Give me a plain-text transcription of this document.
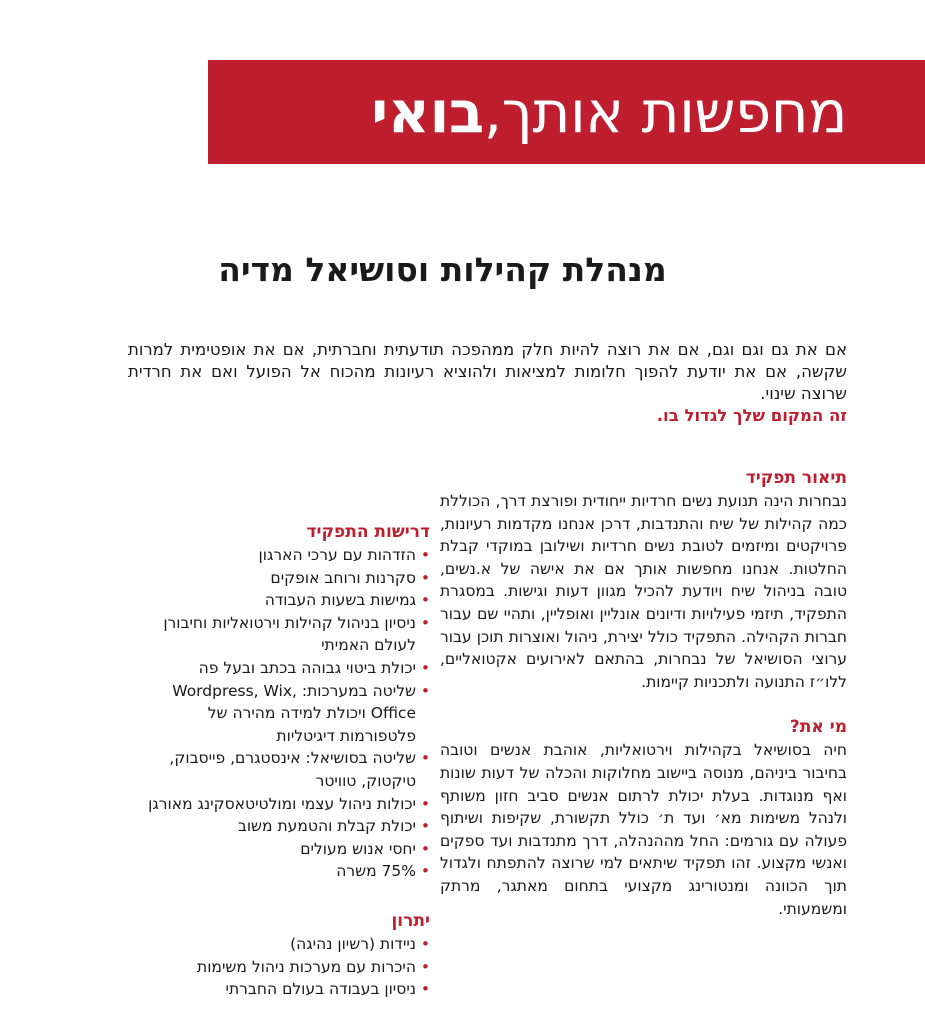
מחפשות אותך,
בואי
מנהלת קהילות וסושיאל מדיה

אם את גם וגם וגם, אם את רוצה להיות חלק ממהפכה תודעתית וחברתית, אם את אופטימית למרות שקשה, אם את יודעת להפוך חלומות למציאות ולהוציא רעיונות מהכוח אל הפועל ואם את חרדית שרוצה שינוי.

זה המקום שלך לגדול בו.

תיאור תפקיד

נבחרות הינה תנועת נשים חרדיות ייחודית ופורצת דרך, הכוללת כמה קהילות של שיח והתנדבות, דרכן אנחנו מקדמות רעיונות, פרויקטים ומיזמים לטובת נשים חרדיות ושילובן במוקדי קבלת החלטות. אנחנו מחפשות אותך אם את אישה של א.נשים, טובה בניהול שיח ויודעת להכיל מגוון דעות וגישות. במסגרת התפקיד, תיזמי פעילויות ודיונים אונליין ואופליין, ותהיי שם עבור חברות הקהילה. התפקיד כולל יצירת, ניהול ואוצרות תוכן עבור ערוצי הסושיאל של נבחרות, בהתאם לאירועים אקטואליים, ללו״ז התנועה ולתכניות קיימות.

מי את?

חיה בסושיאל בקהילות וירטואליות, אוהבת אנשים וטובה בחיבור ביניהם, מנוסה ביישוב מחלוקות והכלה של דעות שונות ואף מנוגדות. בעלת יכולת לרתום אנשים סביב חזון משותף ולנהל משימות מא׳ ועד ת׳ כולל תקשורת, שקיפות ושיתוף פעולה עם גורמים: החל מההנהלה, דרך מתנדבות ועד ספקים ואנשי מקצוע. זהו תפקיד שיתאים למי שרוצה להתפתח ולגדול תוך הכוונה ומנטורינג מקצועי בתחום מאתגר, מרתק ומשמעותי.

דרישות התפקיד
• הזדהות עם ערכי הארגון
• סקרנות ורוחב אופקים
• גמישות בשעות העבודה
• ניסיון בניהול קהילות וירטואליות וחיבורן לעולם האמיתי
• יכולת ביטוי גבוהה בכתב ובעל פה
• שליטה במערכות: ,Wordpress, Wix Office ויכולת למידה מהירה של פלטפורמות דיגיטליות
• שליטה בסושיאל: אינסטגרם, פייסבוק, טיקטוק, טוויטר
• יכולות ניהול עצמי ומולטיטאסקינג מאורגן
• יכולת קבלת והטמעת משוב
• יחסי אנוש מעולים
• 75% משרה
יתרון
• ניידות (רשיון נהיגה)
• היכרות עם מערכות ניהול משימות
• ניסיון בעבודה בעולם החברתי
